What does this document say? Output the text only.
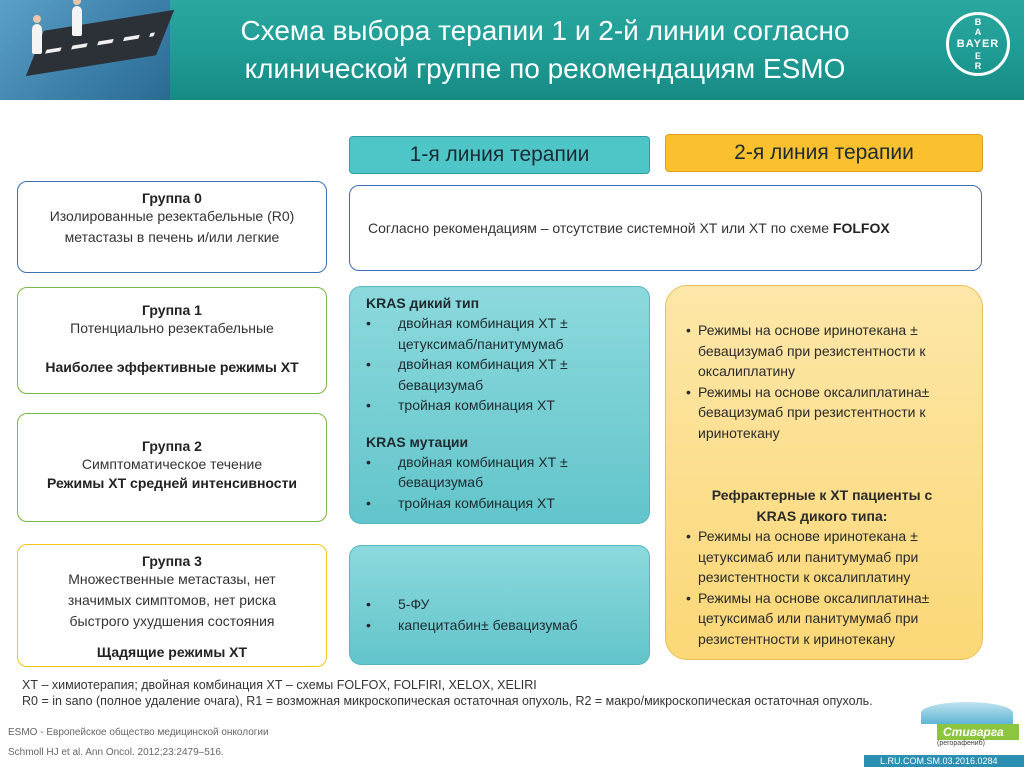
Схема выбора терапии 1 и 2-й линии согласно
клинической группе по рекомендациям ESMO
B A
BAYER
E R
1-я линия терапии	2-я линия терапии
Группа 0
Изолированные резектабельные (R0)
метастазы в печень и/или легкие
Согласно рекомендациям – отсутствие системной ХТ или ХТ по схеме FOLFOX
Группа 1
Потенциально резектабельные
Наиболее эффективные режимы ХТ
Группа 2
Симптоматическое течение
Режимы ХТ средней интенсивности
Группа 3
Множественные метастазы, нет
значимых симптомов, нет риска
быстрого ухудшения состояния
Щадящие режимы ХТ
KRAS дикий тип
• двойная комбинация ХТ ±
цетуксимаб/панитумумаб
• двойная комбинация ХТ ±
бевацизумаб
• тройная комбинация ХТ
KRAS мутации
• двойная комбинация ХТ ±
бевацизумаб
• тройная комбинация ХТ
• 5-ФУ
• капецитабин± бевацизумаб
• Режимы на основе иринотекана ±
бевацизумаб при резистентности к
оксалиплатину
• Режимы на основе оксалиплатина±
бевацизумаб при резистентности к
иринотекану
Рефрактерные к ХТ пациенты с
KRAS дикого типа:
• Режимы на основе иринотекана ±
цетуксимаб или панитумумаб при
резистентности к оксалиплатину
• Режимы на основе оксалиплатина±
цетуксимаб или панитумумаб при
резистентности к иринотекану
ХТ – химиотерапия; двойная комбинация ХТ – схемы FOLFOX, FOLFIRI, XELOX, XELIRI
R0 = in sano (полное удаление очага), R1 = возможная микроскопическая остаточная опухоль, R2 = макро/микроскопическая остаточная опухоль.
ESMO - Европейское общество медицинской онкологии
Schmoll HJ et al. Ann Oncol. 2012;23:2479–516.
Стиварга
(регорафениб)
L.RU.COM.SM.03.2016.0284
